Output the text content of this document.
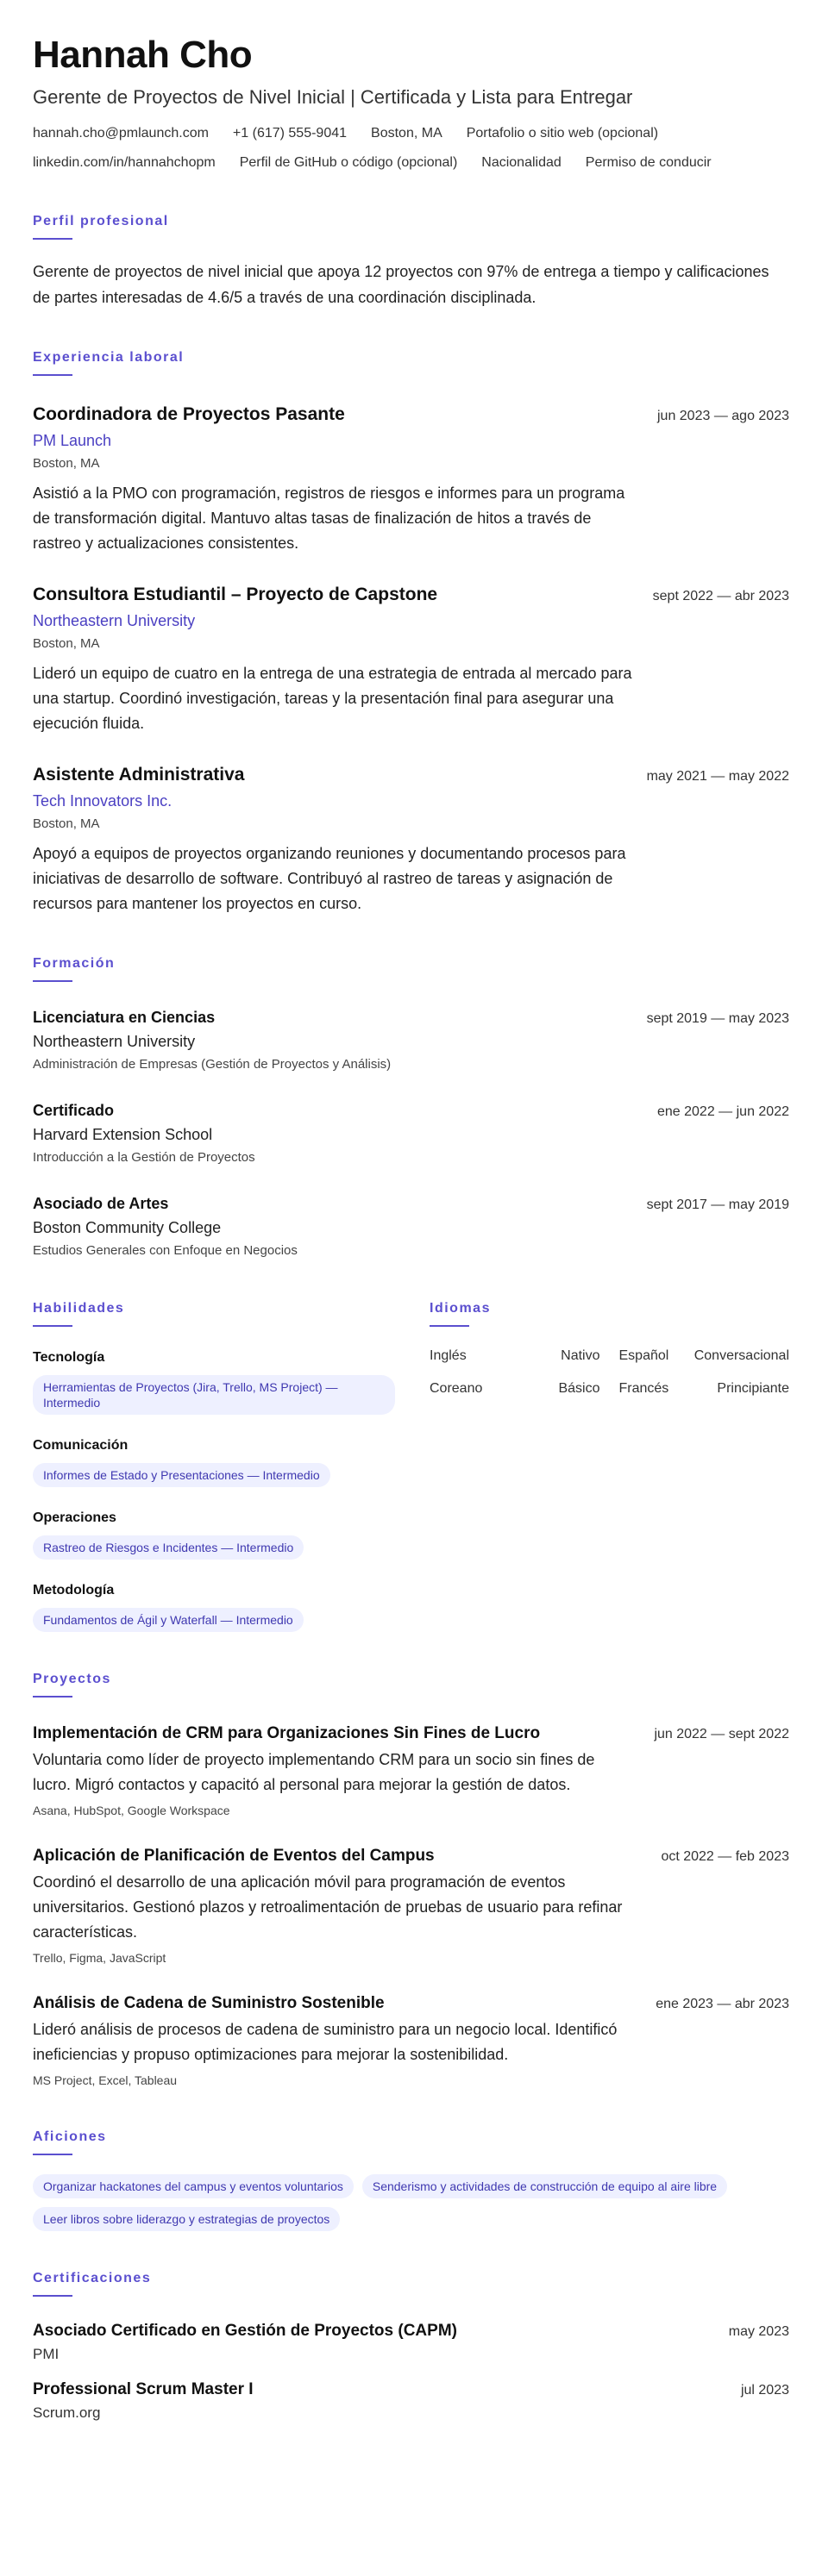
Hannah Cho
Gerente de Proyectos de Nivel Inicial | Certificada y Lista para Entregar
hannah.cho@pmlaunch.com +1 (617) 555-9041 Boston, MA Portafolio o sitio web (opcional)
linkedin.com/in/hannahchopm Perfil de GitHub o código (opcional) Nacionalidad Permiso de conducir
Perfil profesional

Gerente de proyectos de nivel inicial que apoya 12 proyectos con 97% de entrega a tiempo y calificaciones de partes interesadas de 4.6/5 a través de una coordinación disciplinada.

Experiencia laboral
Coordinadora de Proyectos Pasante	jun 2023 — ago 2023
PM Launch
Boston, MA

Asistió a la PMO con programación, registros de riesgos e informes para un programa de transformación digital. Mantuvo altas tasas de finalización de hitos a través de rastreo y actualizaciones consistentes.

Consultora Estudiantil – Proyecto de Capstone	sept 2022 — abr 2023
Northeastern University
Boston, MA

Lideró un equipo de cuatro en la entrega de una estrategia de entrada al mercado para una startup. Coordinó investigación, tareas y la presentación final para asegurar una ejecución fluida.

Asistente Administrativa	may 2021 — may 2022
Tech Innovators Inc.
Boston, MA

Apoyó a equipos de proyectos organizando reuniones y documentando procesos para iniciativas de desarrollo de software. Contribuyó al rastreo de tareas y asignación de recursos para mantener los proyectos en curso.

Formación
Licenciatura en Ciencias	sept 2019 — may 2023
Northeastern University
Administración de Empresas (Gestión de Proyectos y Análisis)
Certificado	ene 2022 — jun 2022
Harvard Extension School
Introducción a la Gestión de Proyectos
Asociado de Artes	sept 2017 — may 2019
Boston Community College
Estudios Generales con Enfoque en Negocios
Habilidades
Tecnología
Herramientas de Proyectos (Jira, Trello, MS Project) — Intermedio
Comunicación
Informes de Estado y Presentaciones — Intermedio
Operaciones
Rastreo de Riesgos e Incidentes — Intermedio
Metodología
Fundamentos de Ágil y Waterfall — Intermedio
Idiomas
Inglés	Nativo Español Conversacional
Coreano	Básico Francés	Principiante
Proyectos
Implementación de CRM para Organizaciones Sin Fines de Lucro	jun 2022 — sept 2022

Voluntaria como líder de proyecto implementando CRM para un socio sin fines de lucro. Migró contactos y capacitó al personal para mejorar la gestión de datos.

Asana, HubSpot, Google Workspace
Aplicación de Planificación de Eventos del Campus	oct 2022 — feb 2023

Coordinó el desarrollo de una aplicación móvil para programación de eventos universitarios. Gestionó plazos y retroalimentación de pruebas de usuario para refinar características.

Trello, Figma, JavaScript
Análisis de Cadena de Suministro Sostenible	ene 2023 — abr 2023

Lideró análisis de procesos de cadena de suministro para un negocio local. Identificó ineficiencias y propuso optimizaciones para mejorar la sostenibilidad.

MS Project, Excel, Tableau
Aficiones
Organizar hackatones del campus y eventos voluntarios	Senderismo y actividades de construcción de equipo al aire libre
Leer libros sobre liderazgo y estrategias de proyectos
Certificaciones
Asociado Certificado en Gestión de Proyectos (CAPM)	may 2023
PMI
Professional Scrum Master I	jul 2023
Scrum.org
